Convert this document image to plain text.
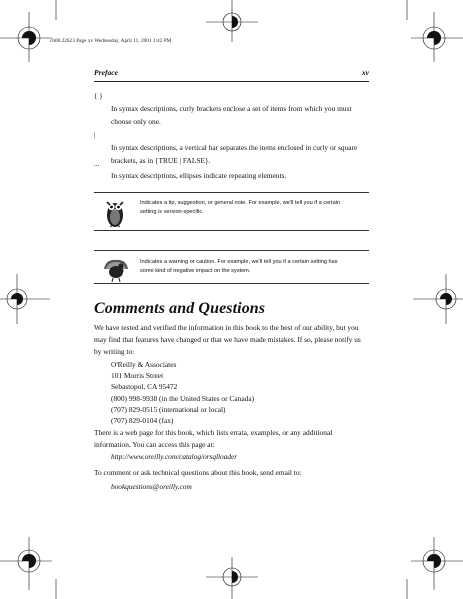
ch00.22623 Page xv Wednesday, April 11, 2001 1:42 PM
Preface	xv
{ }
In syntax descriptions, curly brackets enclose a set of items from which you must choose only one.
|
In syntax descriptions, a vertical bar separates the items enclosed in curly or square brackets, as in {TRUE | FALSE}.
...
In syntax descriptions, ellipses indicate repeating elements.
Indicates a tip, suggestion, or general note. For example, we'll tell you if a certain setting is version-specific.
Indicates a warning or caution. For example, we'll tell you if a certain setting has some kind of negative impact on the system.
Comments and Questions
We have tested and verified the information in this book to the best of our ability, but you may find that features have changed or that we have made mistakes. If so, please notify us by writing to:
O'Reilly & Associates
101 Morris Street
Sebastopol, CA 95472
(800) 998-9938 (in the United States or Canada)
(707) 829-0515 (international or local)
(707) 829-0104 (fax)
There is a web page for this book, which lists errata, examples, or any additional information. You can access this page at:
http://www.oreilly.com/catalog/orsqlloader
To comment or ask technical questions about this book, send email to:
bookquestions@oreilly.com
